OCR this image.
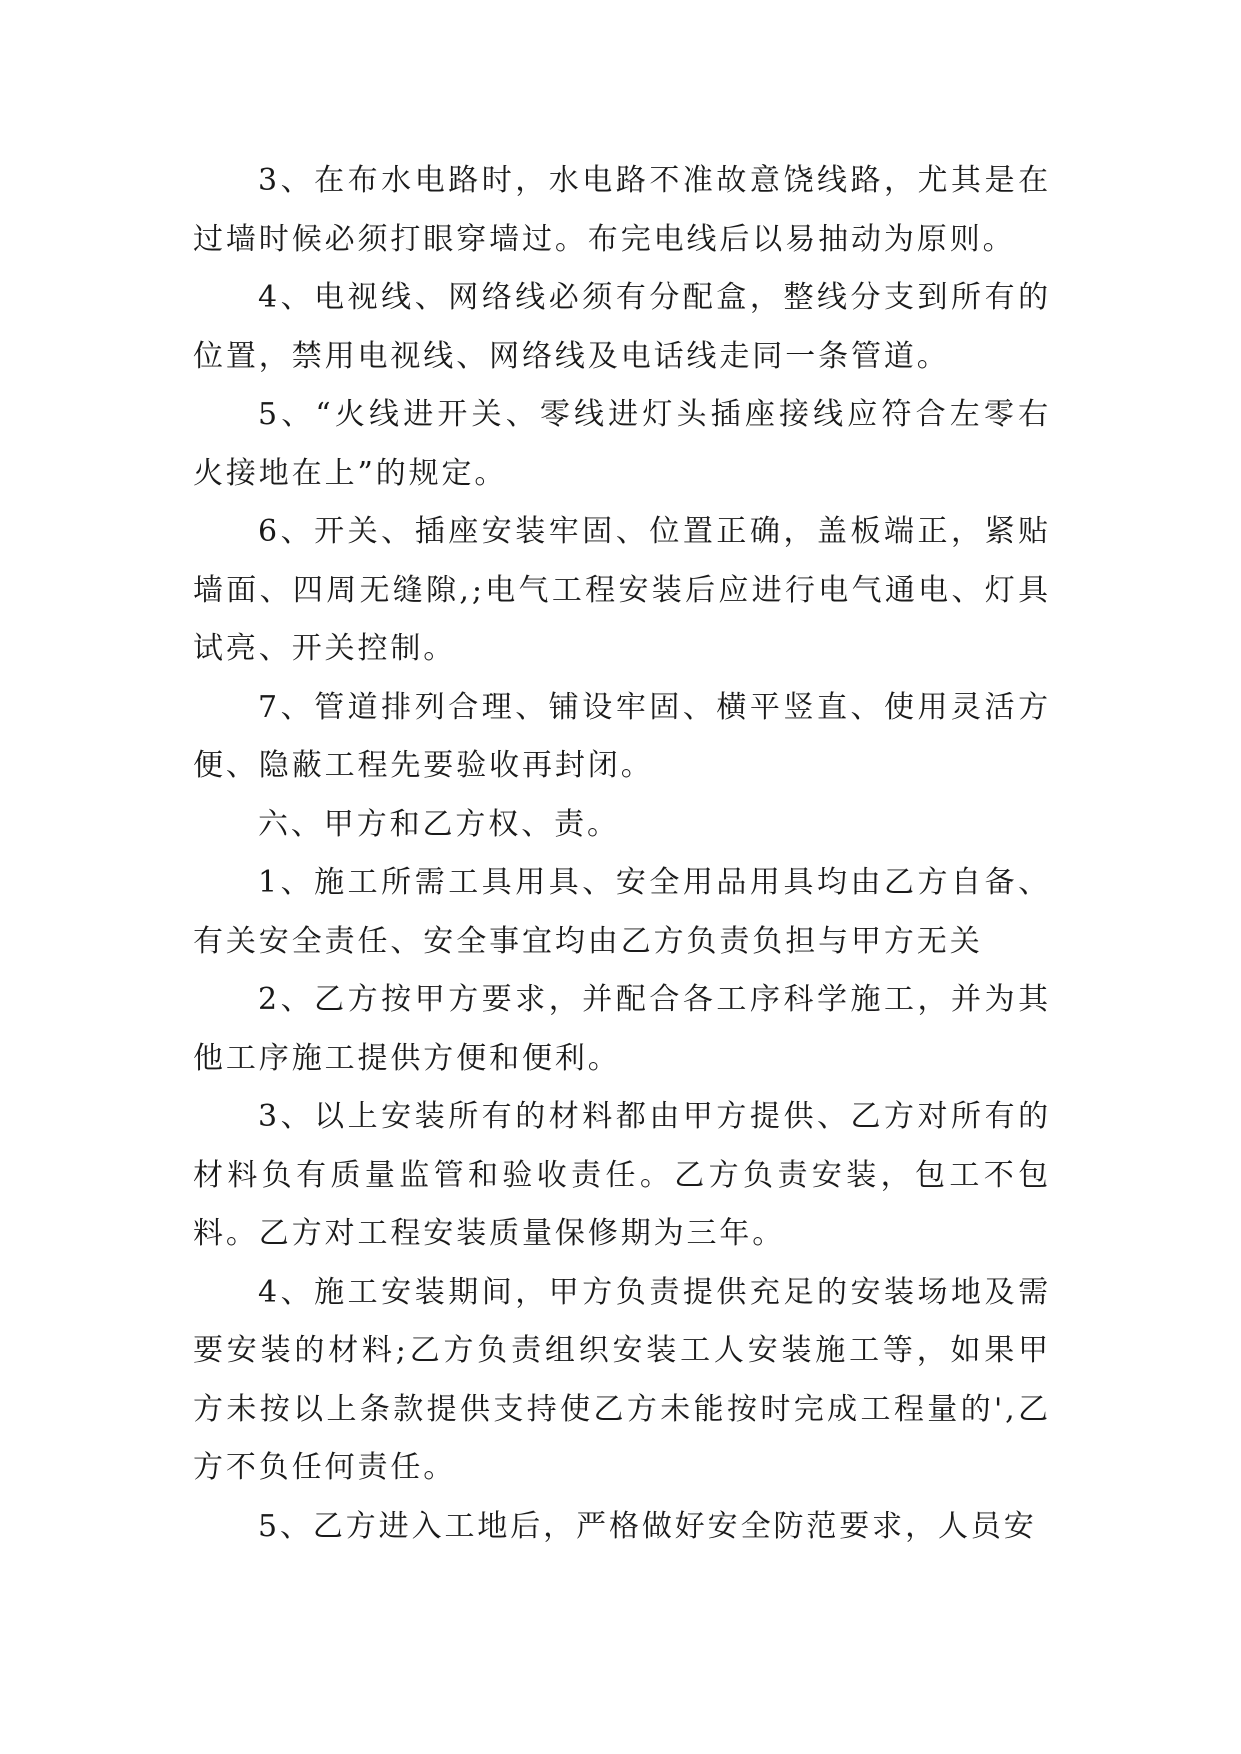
3、在布水电路时，水电路不准故意饶线路，尤其是在过墙时候必须打眼穿墙过。布完电线后以易抽动为原则。

4、电视线、网络线必须有分配盒，整线分支到所有的位置，禁用电视线、网络线及电话线走同一条管道。

5、“火线进开关、零线进灯头插座接线应符合左零右火接地在上”的规定。

6、开关、插座安装牢固、位置正确，盖板端正，紧贴墙面、四周无缝隙,;电气工程安装后应进行电气通电、灯具试亮、开关控制。

7、管道排列合理、铺设牢固、横平竖直、使用灵活方便、隐蔽工程先要验收再封闭。

六、甲方和乙方权、责。

1、施工所需工具用具、安全用品用具均由乙方自备、有关安全责任、安全事宜均由乙方负责负担与甲方无关

2、乙方按甲方要求，并配合各工序科学施工，并为其他工序施工提供方便和便利。

3、以上安装所有的材料都由甲方提供、乙方对所有的材料负有质量监管和验收责任。乙方负责安装，包工不包料。乙方对工程安装质量保修期为三年。

4、施工安装期间，甲方负责提供充足的安装场地及需要安装的材料;乙方负责组织安装工人安装施工等，如果甲方未按以上条款提供支持使乙方未能按时完成工程量的',乙方不负任何责任。

5、乙方进入工地后，严格做好安全防范要求，人员安
